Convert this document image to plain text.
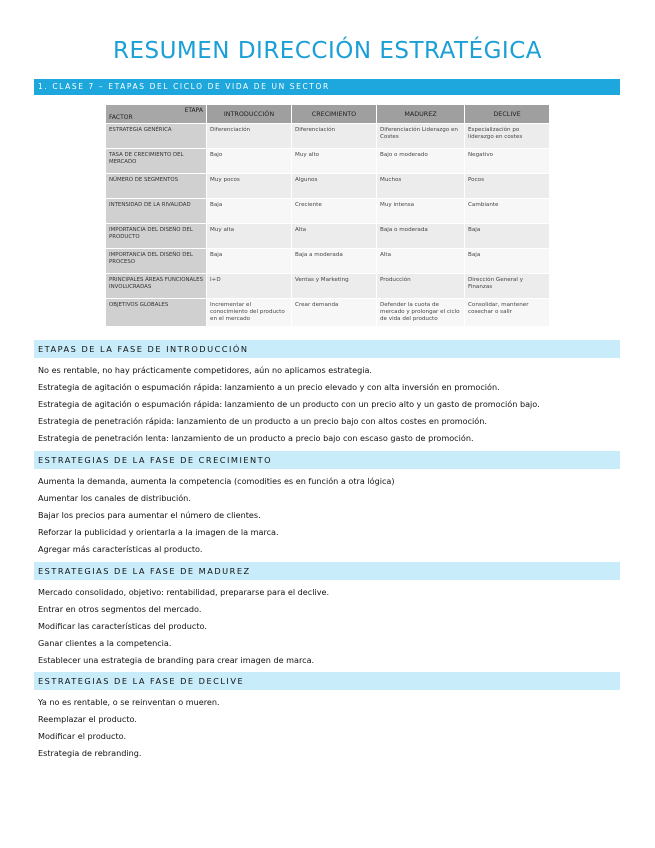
RESUMEN DIRECCIÓN ESTRATÉGICA
1. CLASE 7 – ETAPAS DEL CICLO DE VIDA DE UN SECTOR
ETAPA
FACTOR	INTRODUCCIÓN	CRECIMIENTO	MADUREZ	DECLIVE
ESTRATEGIA GENÉRICA	Diferenciación	Diferenciación	Diferenciación Liderazgo en Costes	Especialización po liderazgo en costes
TASA DE CRECIMIENTO DEL MERCADO	Bajo	Muy alto	Bajo o moderado	Negativo
NÚMERO DE SEGMENTOS	Muy pocos	Algunos	Muchos	Pocos
INTENSIDAD DE LA RIVALIDAD	Baja	Creciente	Muy intensa	Cambiante
IMPORTANCIA DEL DISEÑO DEL PRODUCTO	Muy alta	Alta	Baja o moderada	Baja
IMPORTANCIA DEL DISEÑO DEL PROCESO	Baja	Baja a moderada	Alta	Baja
PRINCIPALES ÁREAS FUNCIONALES INVOLUCRADAS	I+D	Ventas y Marketing	Producción	Dirección General y Finanzas
OBJETIVOS GLOBALES	Incrementar el conocimiento del producto en el mercado	Crear demanda	Defender la cuota de mercado y prolongar el ciclo de vida del producto	Consolidar, mantener cosechar o salir
ETAPAS DE LA FASE DE INTRODUCCIÓN
No es rentable, no hay prácticamente competidores, aún no aplicamos estrategia.
Estrategia de agitación o espumación rápida: lanzamiento a un precio elevado y con alta inversión en promoción.
Estrategia de agitación o espumación rápida: lanzamiento de un producto con un precio alto y un gasto de promoción bajo.
Estrategia de penetración rápida: lanzamiento de un producto a un precio bajo con altos costes en promoción.
Estrategia de penetración lenta: lanzamiento de un producto a precio bajo con escaso gasto de promoción.
ESTRATEGIAS DE LA FASE DE CRECIMIENTO
Aumenta la demanda, aumenta la competencia (comodities es en función a otra lógica)
Aumentar los canales de distribución.
Bajar los precios para aumentar el número de clientes.
Reforzar la publicidad y orientarla a la imagen de la marca.
Agregar más características al producto.
ESTRATEGIAS DE LA FASE DE MADUREZ
Mercado consolidado, objetivo: rentabilidad, prepararse para el declive.
Entrar en otros segmentos del mercado.
Modificar las características del producto.
Ganar clientes a la competencia.
Establecer una estrategia de branding para crear imagen de marca.
ESTRATEGIAS DE LA FASE DE DECLIVE
Ya no es rentable, o se reinventan o mueren.
Reemplazar el producto.
Modificar el producto.
Estrategia de rebranding.
